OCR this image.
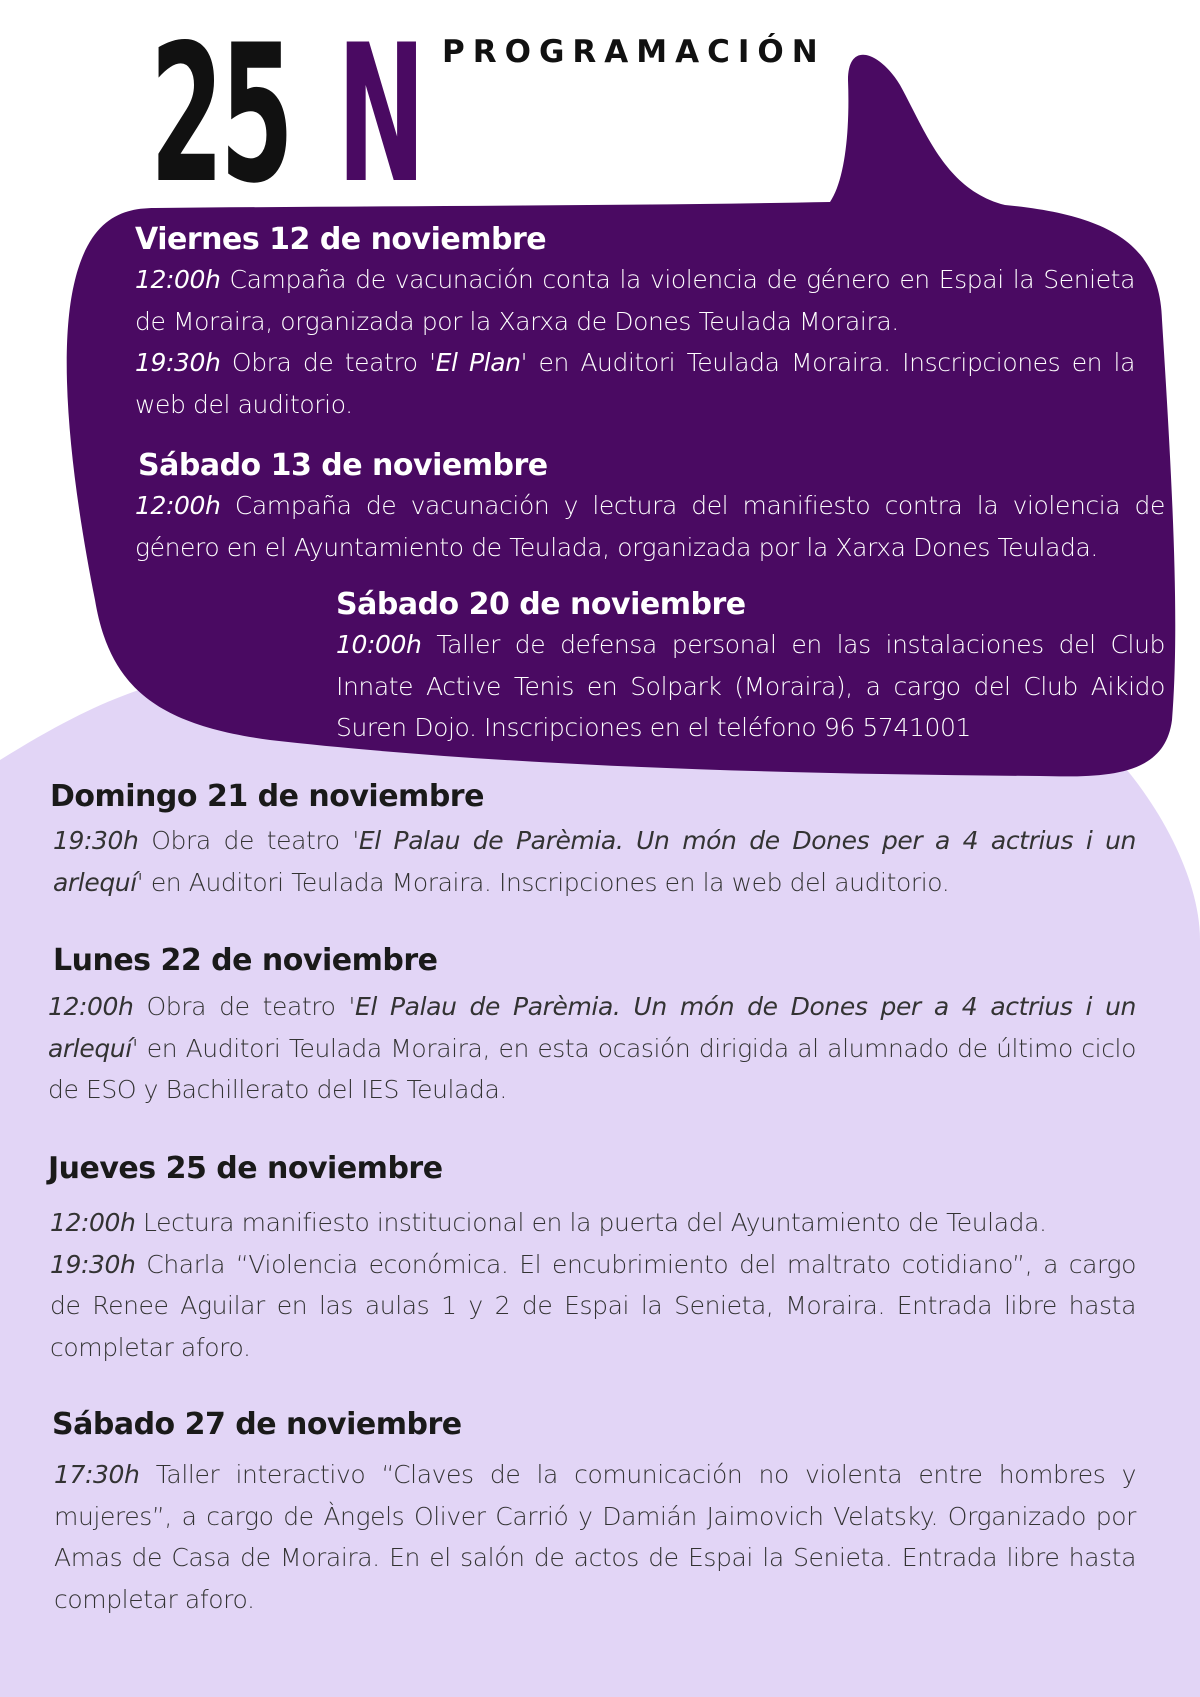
25 N PROGRAMACIÓN
Viernes 12 de noviembre

12:00h Campaña de vacunación conta la violencia de género en Espai la Senieta de Moraira, organizada por la Xarxa de Dones Teulada Moraira.
19:30h Obra de teatro 'El Plan' en Auditori Teulada Moraira. Inscripciones en la web del auditorio.

Sábado 13 de noviembre

12:00h Campaña de vacunación y lectura del manifiesto contra la violencia de género en el Ayuntamiento de Teulada, organizada por la Xarxa Dones Teulada.

Sábado 20 de noviembre

10:00h Taller de defensa personal en las instalaciones del Club Innate Active Tenis en Solpark (Moraira), a cargo del Club Aikido Suren Dojo. Inscripciones en el teléfono 96 5741001

Domingo 21 de noviembre

19:30h Obra de teatro 'El Palau de Parèmia. Un món de Dones per a 4 actrius i un arlequí' en Auditori Teulada Moraira. Inscripciones en la web del auditorio.

Lunes 22 de noviembre

12:00h Obra de teatro 'El Palau de Parèmia. Un món de Dones per a 4 actrius i un arlequí' en Auditori Teulada Moraira, en esta ocasión dirigida al alumnado de último ciclo de ESO y Bachillerato del IES Teulada.

Jueves 25 de noviembre

12:00h Lectura manifiesto institucional en la puerta del Ayuntamiento de Teulada.
19:30h Charla “Violencia económica. El encubrimiento del maltrato cotidiano”, a cargo de Renee Aguilar en las aulas 1 y 2 de Espai la Senieta, Moraira. Entrada libre hasta completar aforo.

Sábado 27 de noviembre

17:30h Taller interactivo “Claves de la comunicación no violenta entre hombres y mujeres”, a cargo de Àngels Oliver Carrió y Damián Jaimovich Velatsky. Organizado por Amas de Casa de Moraira. En el salón de actos de Espai la Senieta. Entrada libre hasta completar aforo.
